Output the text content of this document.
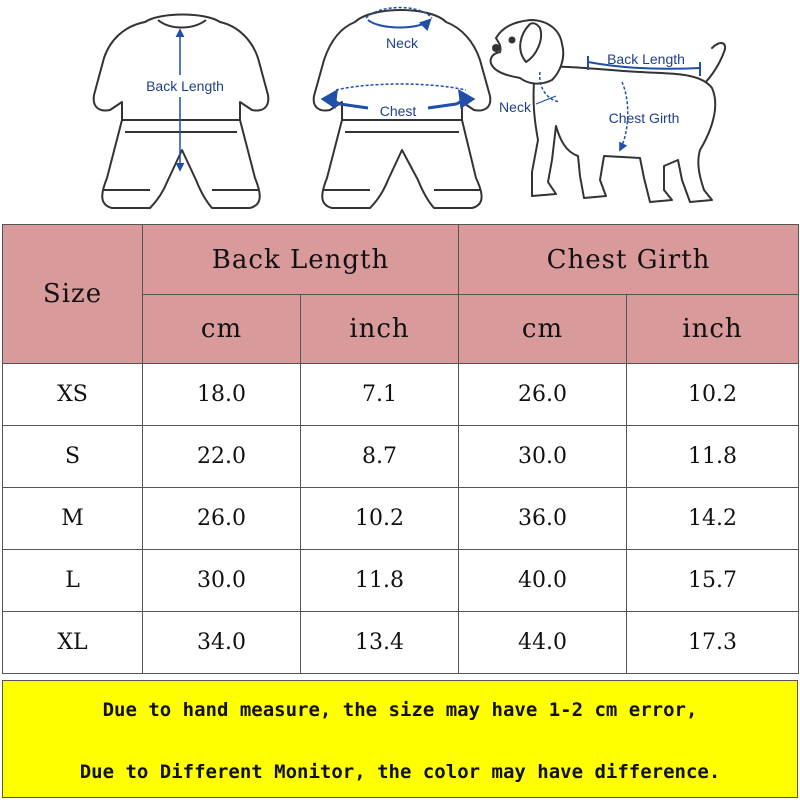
Back Length
Neck
Chest
Back Length
Neck
Chest Girth
Size	Back Length		Chest Girth	
	cm	inch	cm	inch
XS	18.0	7.1	26.0	10.2
S	22.0	8.7	30.0	11.8
M	26.0	10.2	36.0	14.2
L	30.0	11.8	40.0	15.7
XL	34.0	13.4	44.0	17.3
Due to hand measure, the size may have 1-2 cm error,
Due to Different Monitor, the color may have difference.
